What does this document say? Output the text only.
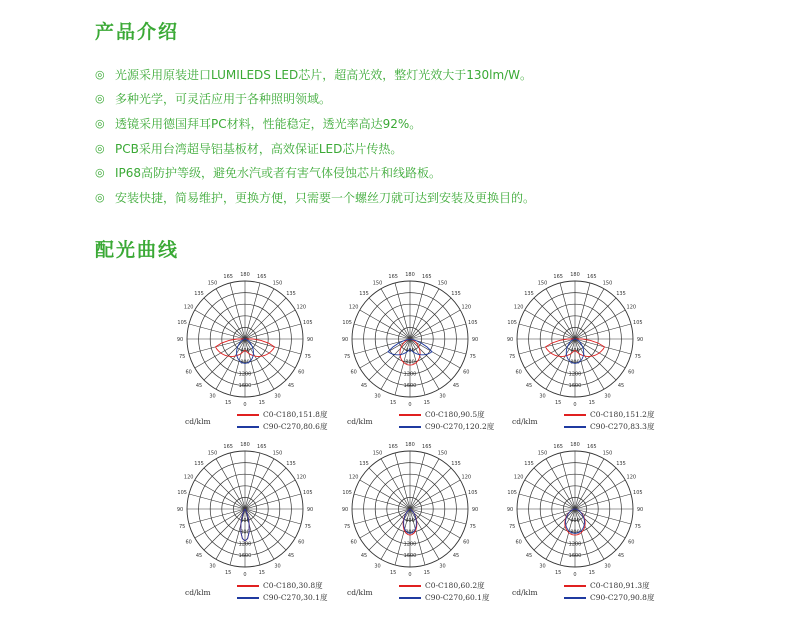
产品介绍
◎ 光源采用原装进口LUMILEDS LED芯片，超高光效，整灯光效大于130lm/W。
◎ 多种光学，可灵活应用于各种照明领域。
◎ 透镜采用德国拜耳PC材料，性能稳定，透光率高达92%。
◎ PCB采用台湾超导铝基板材，高效保证LED芯片传热。
◎ IP68高防护等级，避免水汽或者有害气体侵蚀芯片和线路板。
◎ 安装快捷，简易维护，更换方便，只需要一个螺丝刀就可达到安装及更换目的。
配光曲线
180 165
165
150
150
135
135
120
120
105
105
90
90
75
75
60
60
45
45
30
30
15
15 0
400
800
1200
1600
180 165
165
150
150
135
135
120
120
105
105
90
90
75
75
60
60
45
45
30
30
15
15 0
400
800
1200
1600
180 165
165
150
150
135
135
120
120
105
105
90
90
75
75
60
60
45
45
30
30
15
15 0
400
800
1200
1600
180 165
165
150
150
135
135
120
120
105
105
90
90
75
75
60
60
45
45
30
30
15
15 0
400
800
1200
1600
180 165
165
150
150
135
135
120
120
105
105
90
90
75
75
60
60
45
45
30
30
15
15 0
400
800
1200
1600
180 165
165
150
150
135
135
120
120
105
105
90
90
75
75
60
60
45
45
30
30
15
15 0
400
800
1200
1600
cd/klm
C0-C180,151.8度
C90-C270,80.6度
cd/klm
C0-C180,90.5度
C90-C270,120.2度
cd/klm
C0-C180,151.2度
C90-C270,83.3度
cd/klm
C0-C180,30.8度
C90-C270,30.1度
cd/klm
C0-C180,60.2度
C90-C270,60.1度
cd/klm
C0-C180,91.3度
C90-C270,90.8度
